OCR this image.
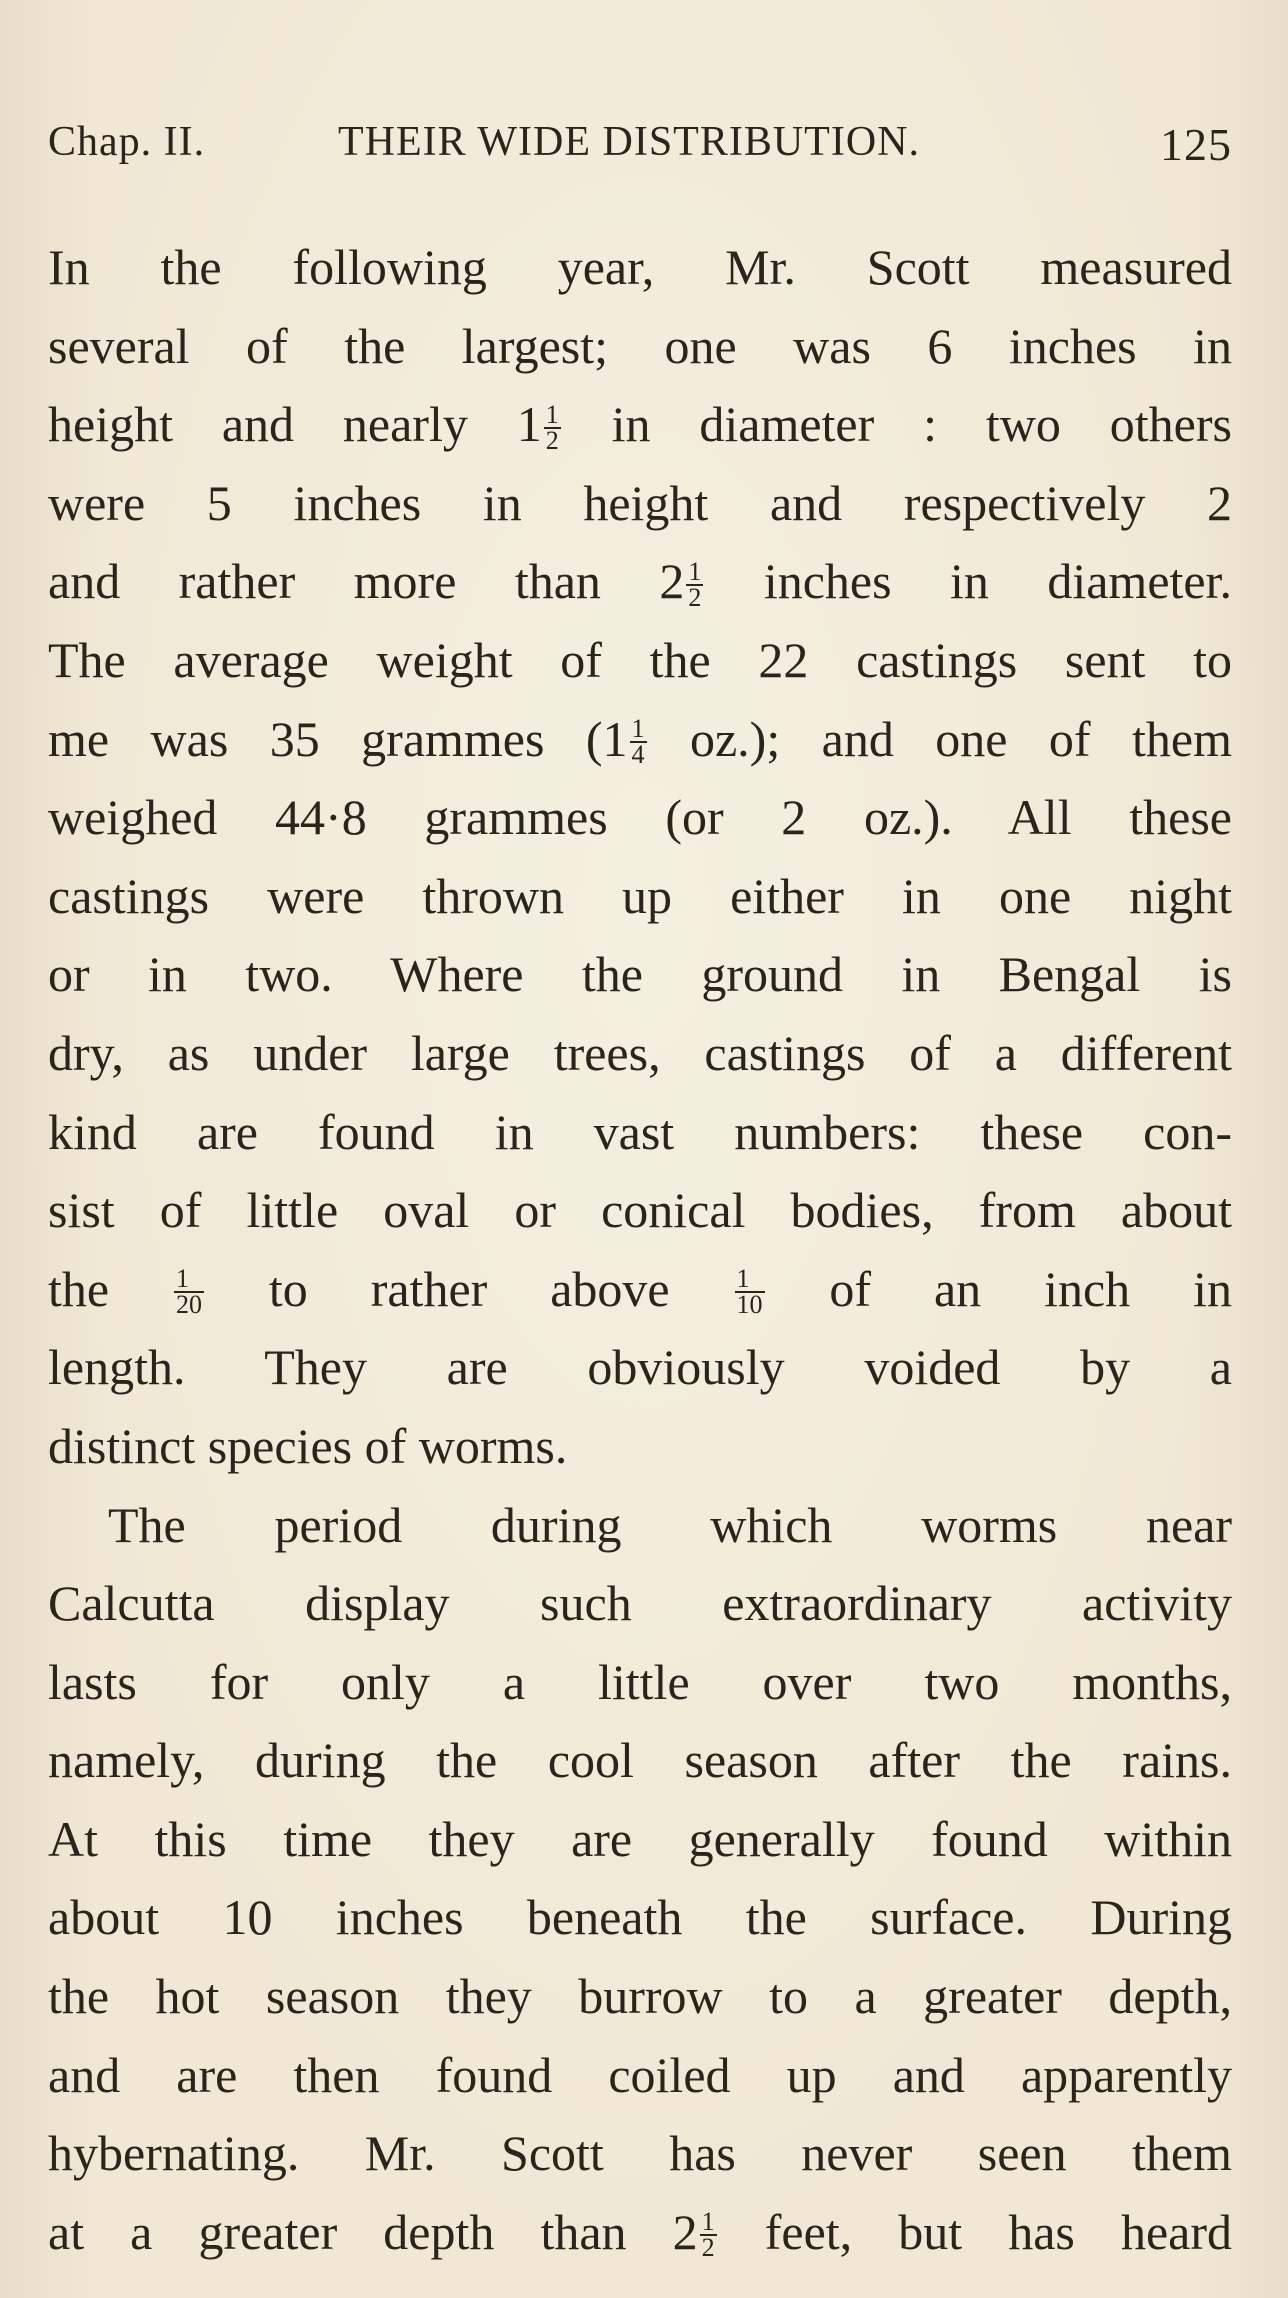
Chap. II.	THEIR WIDE DISTRIBUTION.	125
In the following year, Mr. Scott measured
several of the largest; one was 6 inches in
height and nearly $1 \frac{1}{2}$ in diameter : two others
were 5 inches in height and respectively 2
and rather more than $2 \frac{1}{2}$ inches in diameter.
The average weight of the 22 castings sent to
me was 35 grammes $(1 \frac{1}{4} oz.)$; and one of them
weighed 44·8 grammes (or 2 oz.). All these
castings were thrown up either in one night
or in two. Where the ground in Bengal is
dry, as under large trees, castings of a different
kind are found in vast numbers: these con-
sist of little oval or conical bodies, from about
the $\frac{1}{20}$ to rather above $\frac{1}{10}$ of an inch in
length. They are obviously voided by a
distinct species of worms.
The period during which worms near
Calcutta display such extraordinary activity
lasts for only a little over two months,
namely, during the cool season after the rains.
At this time they are generally found within
about 10 inches beneath the surface. During
the hot season they burrow to a greater depth,
and are then found coiled up and apparently
hybernating. Mr. Scott has never seen them
at a greater depth than $2 \frac{1}{2}$ feet, but has heard
